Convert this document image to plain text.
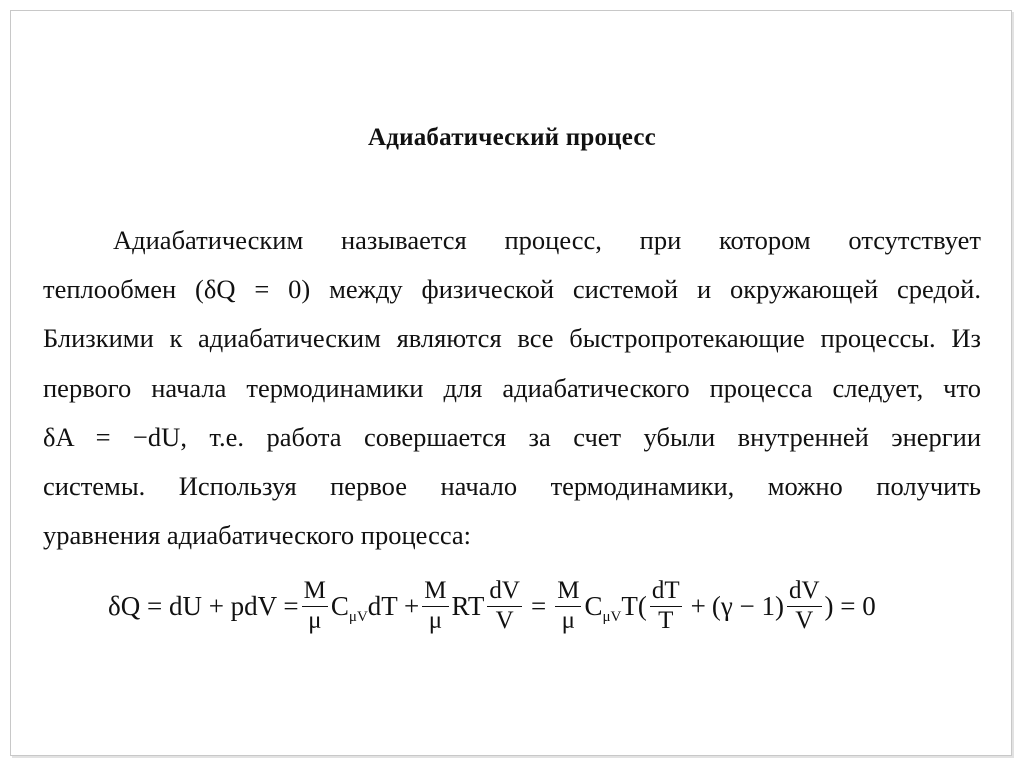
Адиабатический процесс
Адиабатическим называется процесс, при котором отсутствует
теплообмен (δQ = 0) между физической системой и окружающей средой.
Близкими к адиабатическим являются все быстропротекающие процессы. Из
первого начала термодинамики для адиабатического процесса следует, что
δA = −dU, т.е. работа совершается за счет убыли внутренней энергии
системы. Используя первое начало термодинамики, можно получить
уравнения адиабатического процесса:
δQ = dU + pdV = $\frac{M}{\mu} C_{\mu V}dT + \frac{M}{\mu}$ RT $\frac{dV}{V} = \frac{M}{\mu} C_{\mu V}T( \frac{dT}{T} + (\gamma - 1) \frac{dV}{V}$ ) = 0
